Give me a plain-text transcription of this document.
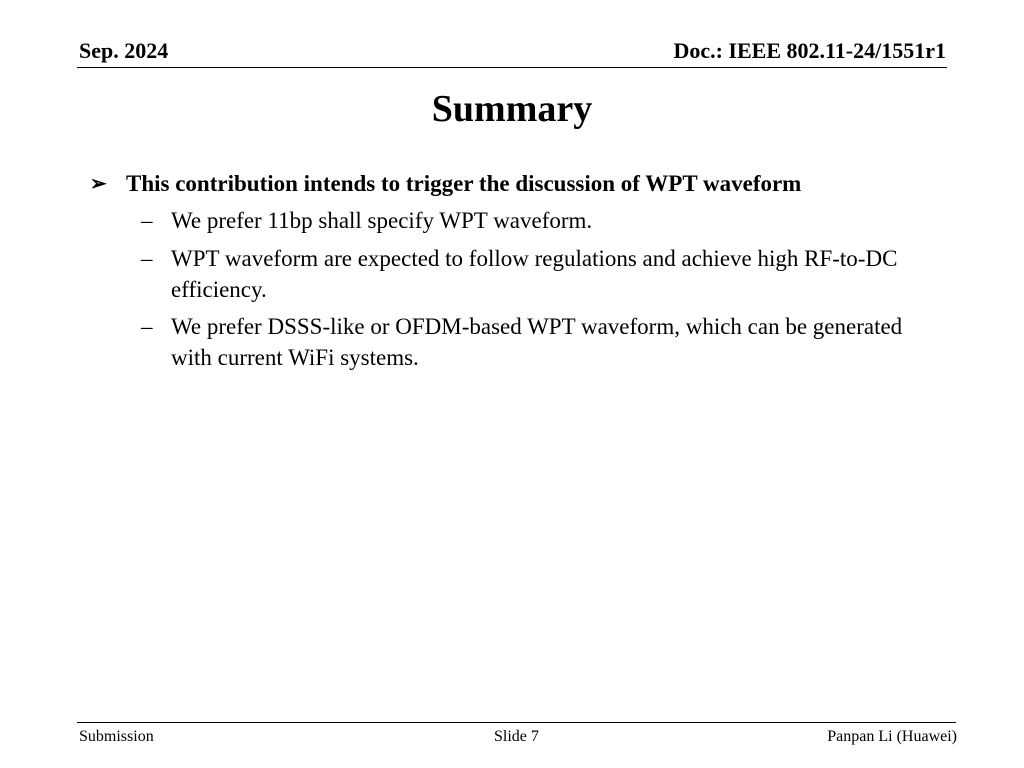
Sep. 2024	Doc.: IEEE 802.11-24/1551r1
Summary
➢ This contribution intends to trigger the discussion of WPT waveform
– We prefer 11bp shall specify WPT waveform.
– WPT waveform are expected to follow regulations and achieve high RF-to-DC efficiency.
– We prefer DSSS-like or OFDM-based WPT waveform, which can be generated with current WiFi systems.
Submission	Slide 7	Panpan Li (Huawei)
